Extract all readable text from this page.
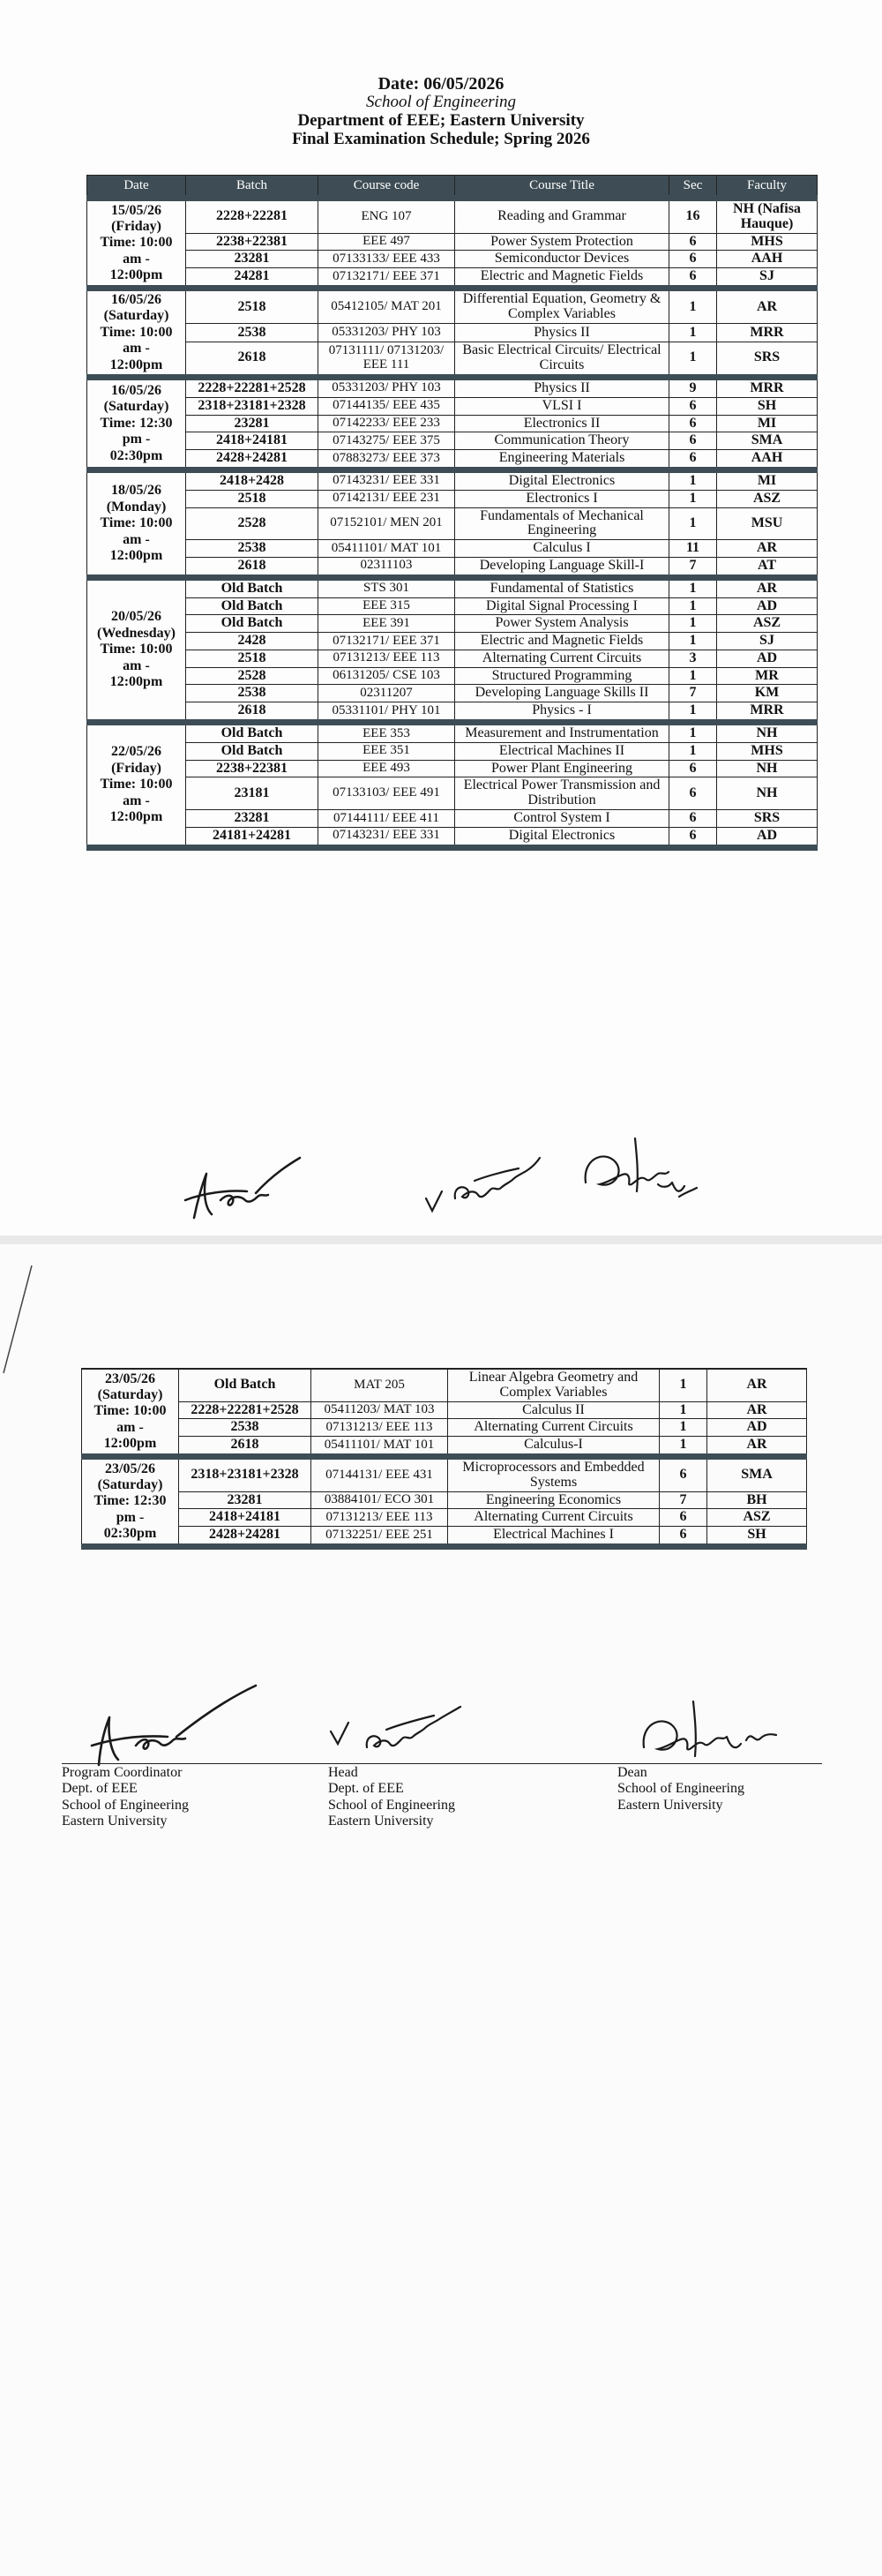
Date: 06/05/2026
School of Engineering
Department of EEE; Eastern University
Final Examination Schedule; Spring 2026
Date	Batch	Course code	Course Title	Sec	Faculty

15/05/26
(Friday)
Time: 10:00
am -
12:00pm	2228+22281	ENG 107	Reading and Grammar	16	NH (Nafisa Hauque)
	2238+22381	EEE 497	Power System Protection	6	MHS
	23281	07133133/ EEE 433	Semiconductor Devices	6	AAH
	24281	07132171/ EEE 371	Electric and Magnetic Fields	6	SJ

16/05/26
(Saturday)
Time: 10:00
am -
12:00pm	2518	05412105/ MAT 201	Differential Equation, Geometry & Complex Variables	1	AR
	2538	05331203/ PHY 103	Physics II	1	MRR
	2618	07131111/ 07131203/ EEE 111	Basic Electrical Circuits/ Electrical Circuits	1	SRS

16/05/26
(Saturday)
Time: 12:30
pm -
02:30pm	2228+22281+2528	05331203/ PHY 103	Physics II	9	MRR
	2318+23181+2328	07144135/ EEE 435	VLSI I	6	SH
	23281	07142233/ EEE 233	Electronics II	6	MI
	2418+24181	07143275/ EEE 375	Communication Theory	6	SMA
	2428+24281	07883273/ EEE 373	Engineering Materials	6	AAH

18/05/26
(Monday)
Time: 10:00
am -
12:00pm	2418+2428	07143231/ EEE 331	Digital Electronics	1	MI
	2518	07142131/ EEE 231	Electronics I	1	ASZ
	2528	07152101/ MEN 201	Fundamentals of Mechanical Engineering	1	MSU
	2538	05411101/ MAT 101	Calculus I	11	AR
	2618	02311103	Developing Language Skill-I	7	AT

20/05/26
(Wednesday)
Time: 10:00
am -
12:00pm	Old Batch	STS 301	Fundamental of Statistics	1	AR
	Old Batch	EEE 315	Digital Signal Processing I	1	AD
	Old Batch	EEE 391	Power System Analysis	1	ASZ
	2428	07132171/ EEE 371	Electric and Magnetic Fields	1	SJ
	2518	07131213/ EEE 113	Alternating Current Circuits	3	AD
	2528	06131205/ CSE 103	Structured Programming	1	MR
	2538	02311207	Developing Language Skills II	7	KM
	2618	05331101/ PHY 101	Physics - I	1	MRR

22/05/26
(Friday)
Time: 10:00
am -
12:00pm	Old Batch	EEE 353	Measurement and Instrumentation	1	NH
	Old Batch	EEE 351	Electrical Machines II	1	MHS
	2238+22381	EEE 493	Power Plant Engineering	6	NH
	23181	07133103/ EEE 491	Electrical Power Transmission and Distribution	6	NH
	23281	07144111/ EEE 411	Control System I	6	SRS
	24181+24281	07143231/ EEE 331	Digital Electronics	6	AD
23/05/26
(Saturday)
Time: 10:00
am -
12:00pm	Old Batch	MAT 205	Linear Algebra Geometry and Complex Variables	1	AR
	2228+22281+2528	05411203/ MAT 103	Calculus II	1	AR
	2538	07131213/ EEE 113	Alternating Current Circuits	1	AD
	2618	05411101/ MAT 101	Calculus-I	1	AR

23/05/26
(Saturday)
Time: 12:30
pm -
02:30pm	2318+23181+2328	07144131/ EEE 431	Microprocessors and Embedded Systems	6	SMA
	23281	03884101/ ECO 301	Engineering Economics	7	BH
	2418+24181	07131213/ EEE 113	Alternating Current Circuits	6	ASZ
	2428+24281	07132251/ EEE 251	Electrical Machines I	6	SH
Program Coordinator
Dept. of EEE
School of Engineering
Eastern University
Head
Dept. of EEE
School of Engineering
Eastern University
Dean
School of Engineering
Eastern University
